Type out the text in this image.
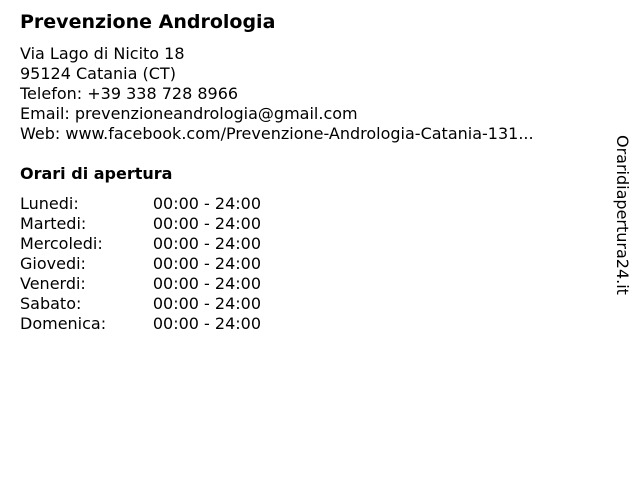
Prevenzione Andrologia
Via Lago di Nicito 18
95124 Catania (CT)
Telefon: +39 338 728 8966
Email: prevenzioneandrologia@gmail.com
Web: www.facebook.com/Prevenzione-Andrologia-Catania-131...
Orari di apertura
Lunedi:	00:00 - 24:00
Martedi:	00:00 - 24:00
Mercoledi:	00:00 - 24:00
Giovedi:	00:00 - 24:00
Venerdi:	00:00 - 24:00
Sabato:	00:00 - 24:00
Domenica:	00:00 - 24:00
Oraridiapertura24.it
